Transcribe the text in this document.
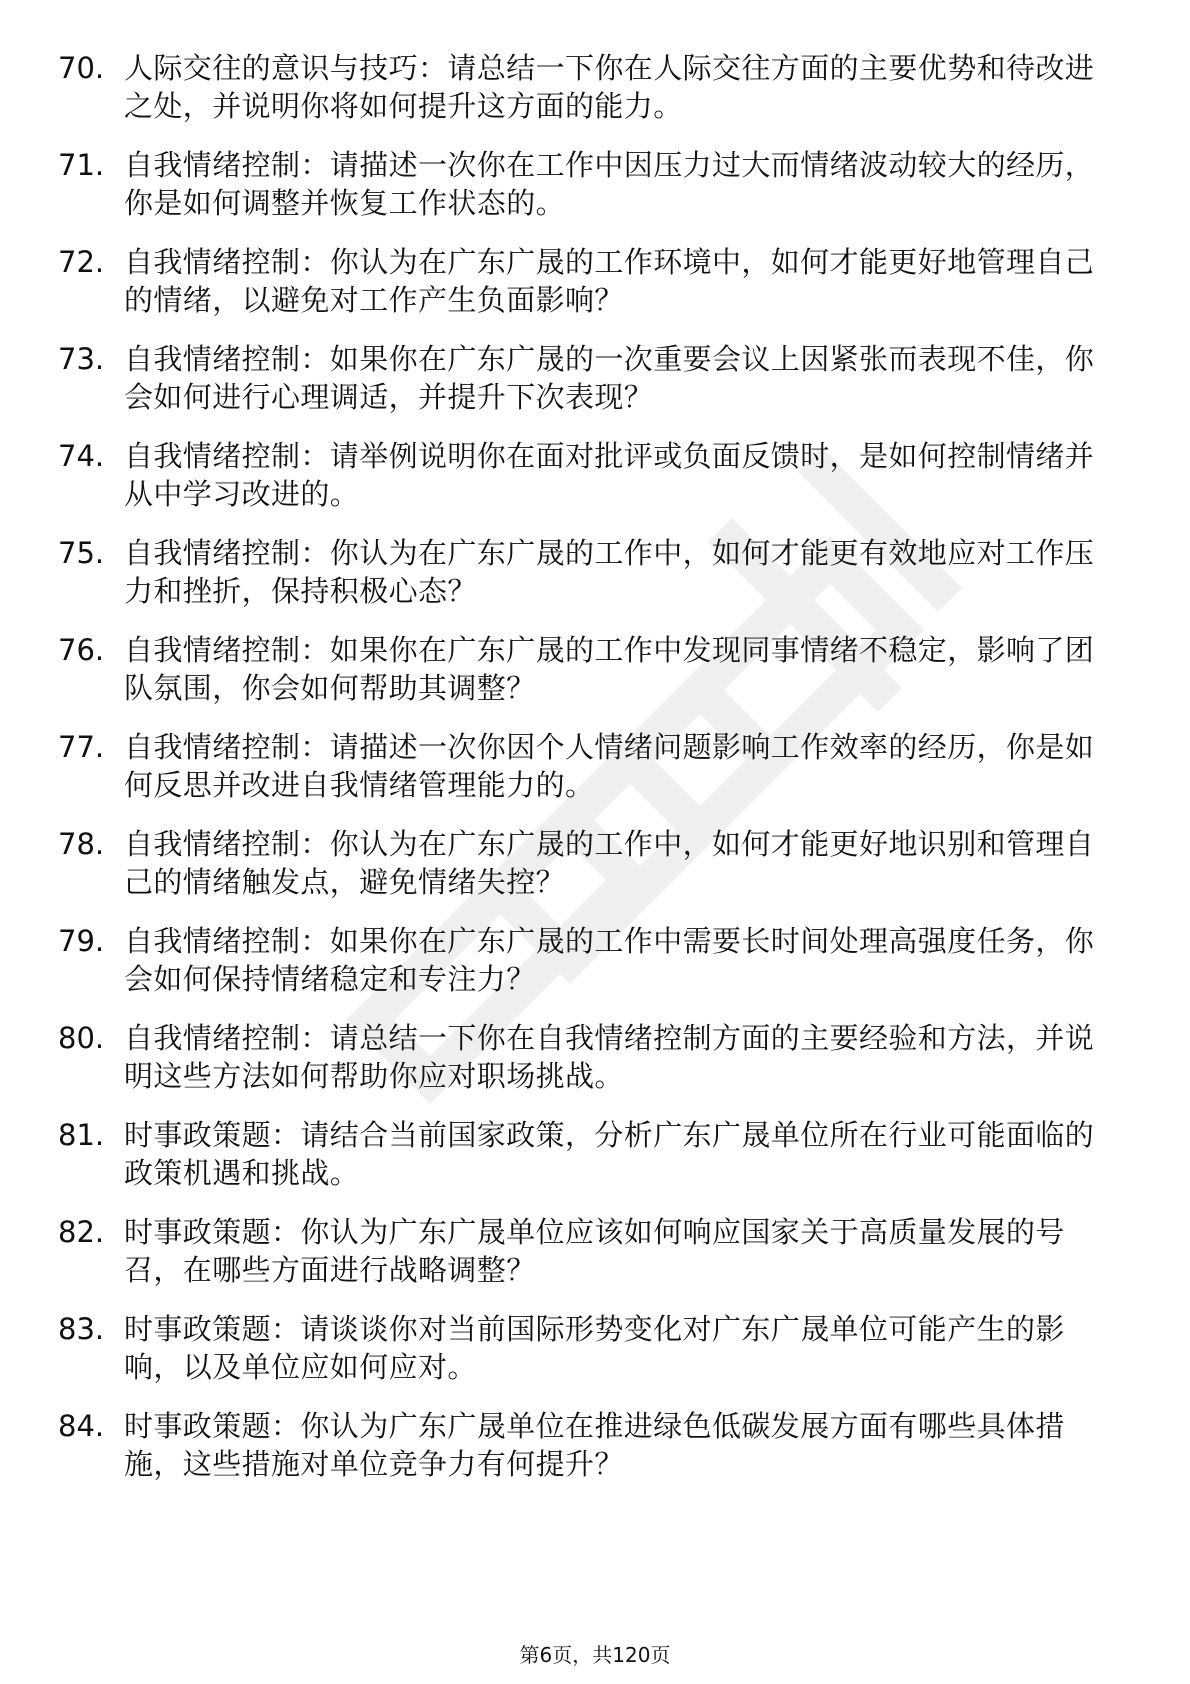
70. 人际交往的意识与技巧：请总结一下你在人际交往方面的主要优势和待改进之处，并说明你将如何提升这方面的能力。
71. 自我情绪控制：请描述一次你在工作中因压力过大而情绪波动较大的经历，你是如何调整并恢复工作状态的。
72. 自我情绪控制：你认为在广东广晟的工作环境中，如何才能更好地管理自己的情绪，以避免对工作产生负面影响？
73. 自我情绪控制：如果你在广东广晟的一次重要会议上因紧张而表现不佳，你会如何进行心理调适，并提升下次表现？
74. 自我情绪控制：请举例说明你在面对批评或负面反馈时，是如何控制情绪并从中学习改进的。
75. 自我情绪控制：你认为在广东广晟的工作中，如何才能更有效地应对工作压力和挫折，保持积极心态？
76. 自我情绪控制：如果你在广东广晟的工作中发现同事情绪不稳定，影响了团队氛围，你会如何帮助其调整？
77. 自我情绪控制：请描述一次你因个人情绪问题影响工作效率的经历，你是如何反思并改进自我情绪管理能力的。
78. 自我情绪控制：你认为在广东广晟的工作中，如何才能更好地识别和管理自己的情绪触发点，避免情绪失控？
79. 自我情绪控制：如果你在广东广晟的工作中需要长时间处理高强度任务，你会如何保持情绪稳定和专注力？
80. 自我情绪控制：请总结一下你在自我情绪控制方面的主要经验和方法，并说明这些方法如何帮助你应对职场挑战。
81. 时事政策题：请结合当前国家政策，分析广东广晟单位所在行业可能面临的政策机遇和挑战。
82. 时事政策题：你认为广东广晟单位应该如何响应国家关于高质量发展的号召，在哪些方面进行战略调整？
83. 时事政策题：请谈谈你对当前国际形势变化对广东广晟单位可能产生的影响，以及单位应如何应对。
84. 时事政策题：你认为广东广晟单位在推进绿色低碳发展方面有哪些具体措施，这些措施对单位竞争力有何提升？
第6页，共120页
